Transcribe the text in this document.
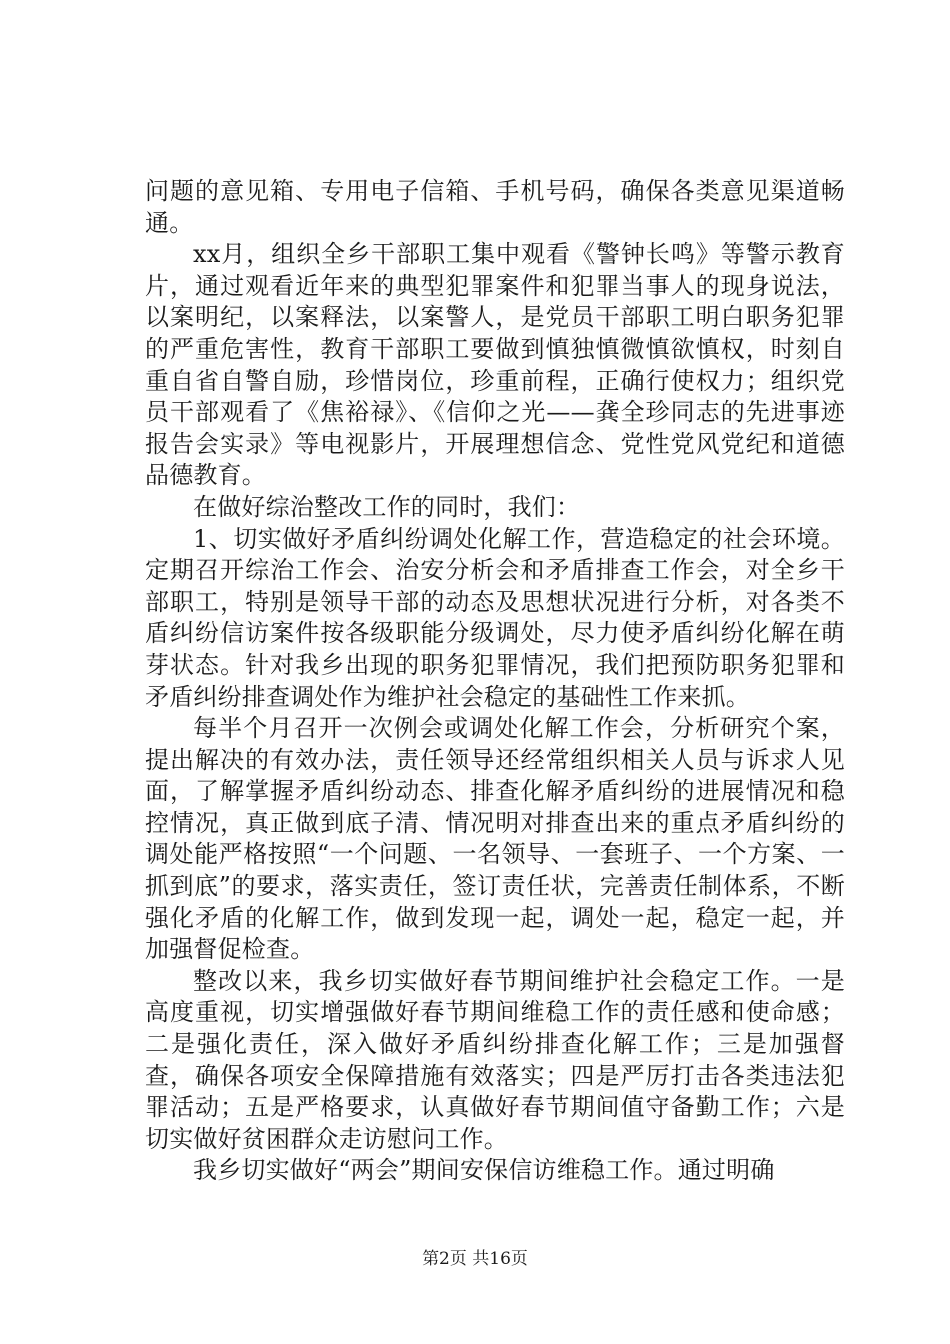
问题的意见箱、专用电子信箱、手机号码，确保各类意见渠道畅通。

xx月，组织全乡干部职工集中观看《警钟长鸣》等警示教育片，通过观看近年来的典型犯罪案件和犯罪当事人的现身说法，以案明纪，以案释法，以案警人，是党员干部职工明白职务犯罪的严重危害性，教育干部职工要做到慎独慎微慎欲慎权，时刻自重自省自警自励，珍惜岗位，珍重前程，正确行使权力；组织党员干部观看了《焦裕禄》、《信仰之光——龚全珍同志的先进事迹报告会实录》等电视影片，开展理想信念、党性党风党纪和道德品德教育。

在做好综治整改工作的同时，我们：

1、切实做好矛盾纠纷调处化解工作，营造稳定的社会环境。定期召开综治工作会、治安分析会和矛盾排查工作会，对全乡干部职工，特别是领导干部的动态及思想状况进行分析，对各类不盾纠纷信访案件按各级职能分级调处，尽力使矛盾纠纷化解在萌芽状态。针对我乡出现的职务犯罪情况，我们把预防职务犯罪和矛盾纠纷排查调处作为维护社会稳定的基础性工作来抓。

每半个月召开一次例会或调处化解工作会，分析研究个案，提出解决的有效办法，责任领导还经常组织相关人员与诉求人见面，了解掌握矛盾纠纷动态、排查化解矛盾纠纷的进展情况和稳控情况，真正做到底子清、情况明对排查出来的重点矛盾纠纷的调处能严格按照“一个问题、一名领导、一套班子、一个方案、一抓到底”的要求，落实责任，签订责任状，完善责任制体系，不断强化矛盾的化解工作，做到发现一起，调处一起，稳定一起，并加强督促检查。

整改以来，我乡切实做好春节期间维护社会稳定工作。一是高度重视，切实增强做好春节期间维稳工作的责任感和使命感；二是强化责任，深入做好矛盾纠纷排查化解工作；三是加强督查，确保各项安全保障措施有效落实；四是严厉打击各类违法犯罪活动；五是严格要求，认真做好春节期间值守备勤工作；六是切实做好贫困群众走访慰问工作。

我乡切实做好“两会”期间安保信访维稳工作。通过明确

第2页 共16页
